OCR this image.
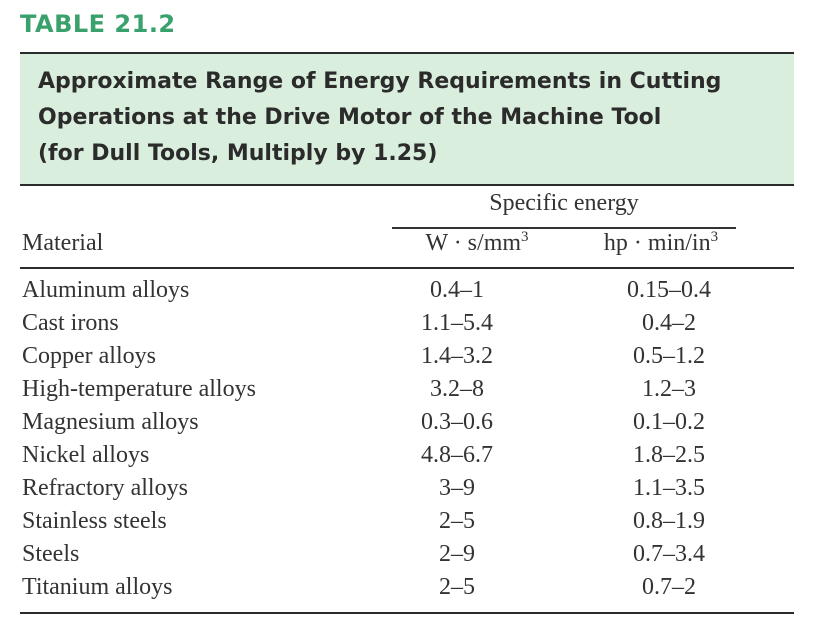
TABLE 21.2
Approximate Range of Energy Requirements in Cutting
Operations at the Drive Motor of the Machine Tool
(for Dull Tools, Multiply by 1.25)
Specific energy
Material	$W \cdot s/mm^3$	hp · $\min/in^3$
Aluminum alloys	0.4–1	0.15–0.4
Cast irons	1.1–5.4	0.4–2
Copper alloys	1.4–3.2	0.5–1.2
High-temperature alloys	3.2–8	1.2–3
Magnesium alloys	0.3–0.6	0.1–0.2
Nickel alloys	4.8–6.7	1.8–2.5
Refractory alloys	3–9	1.1–3.5
Stainless steels	2–5	0.8–1.9
Steels	2–9	0.7–3.4
Titanium alloys	2–5	0.7–2
